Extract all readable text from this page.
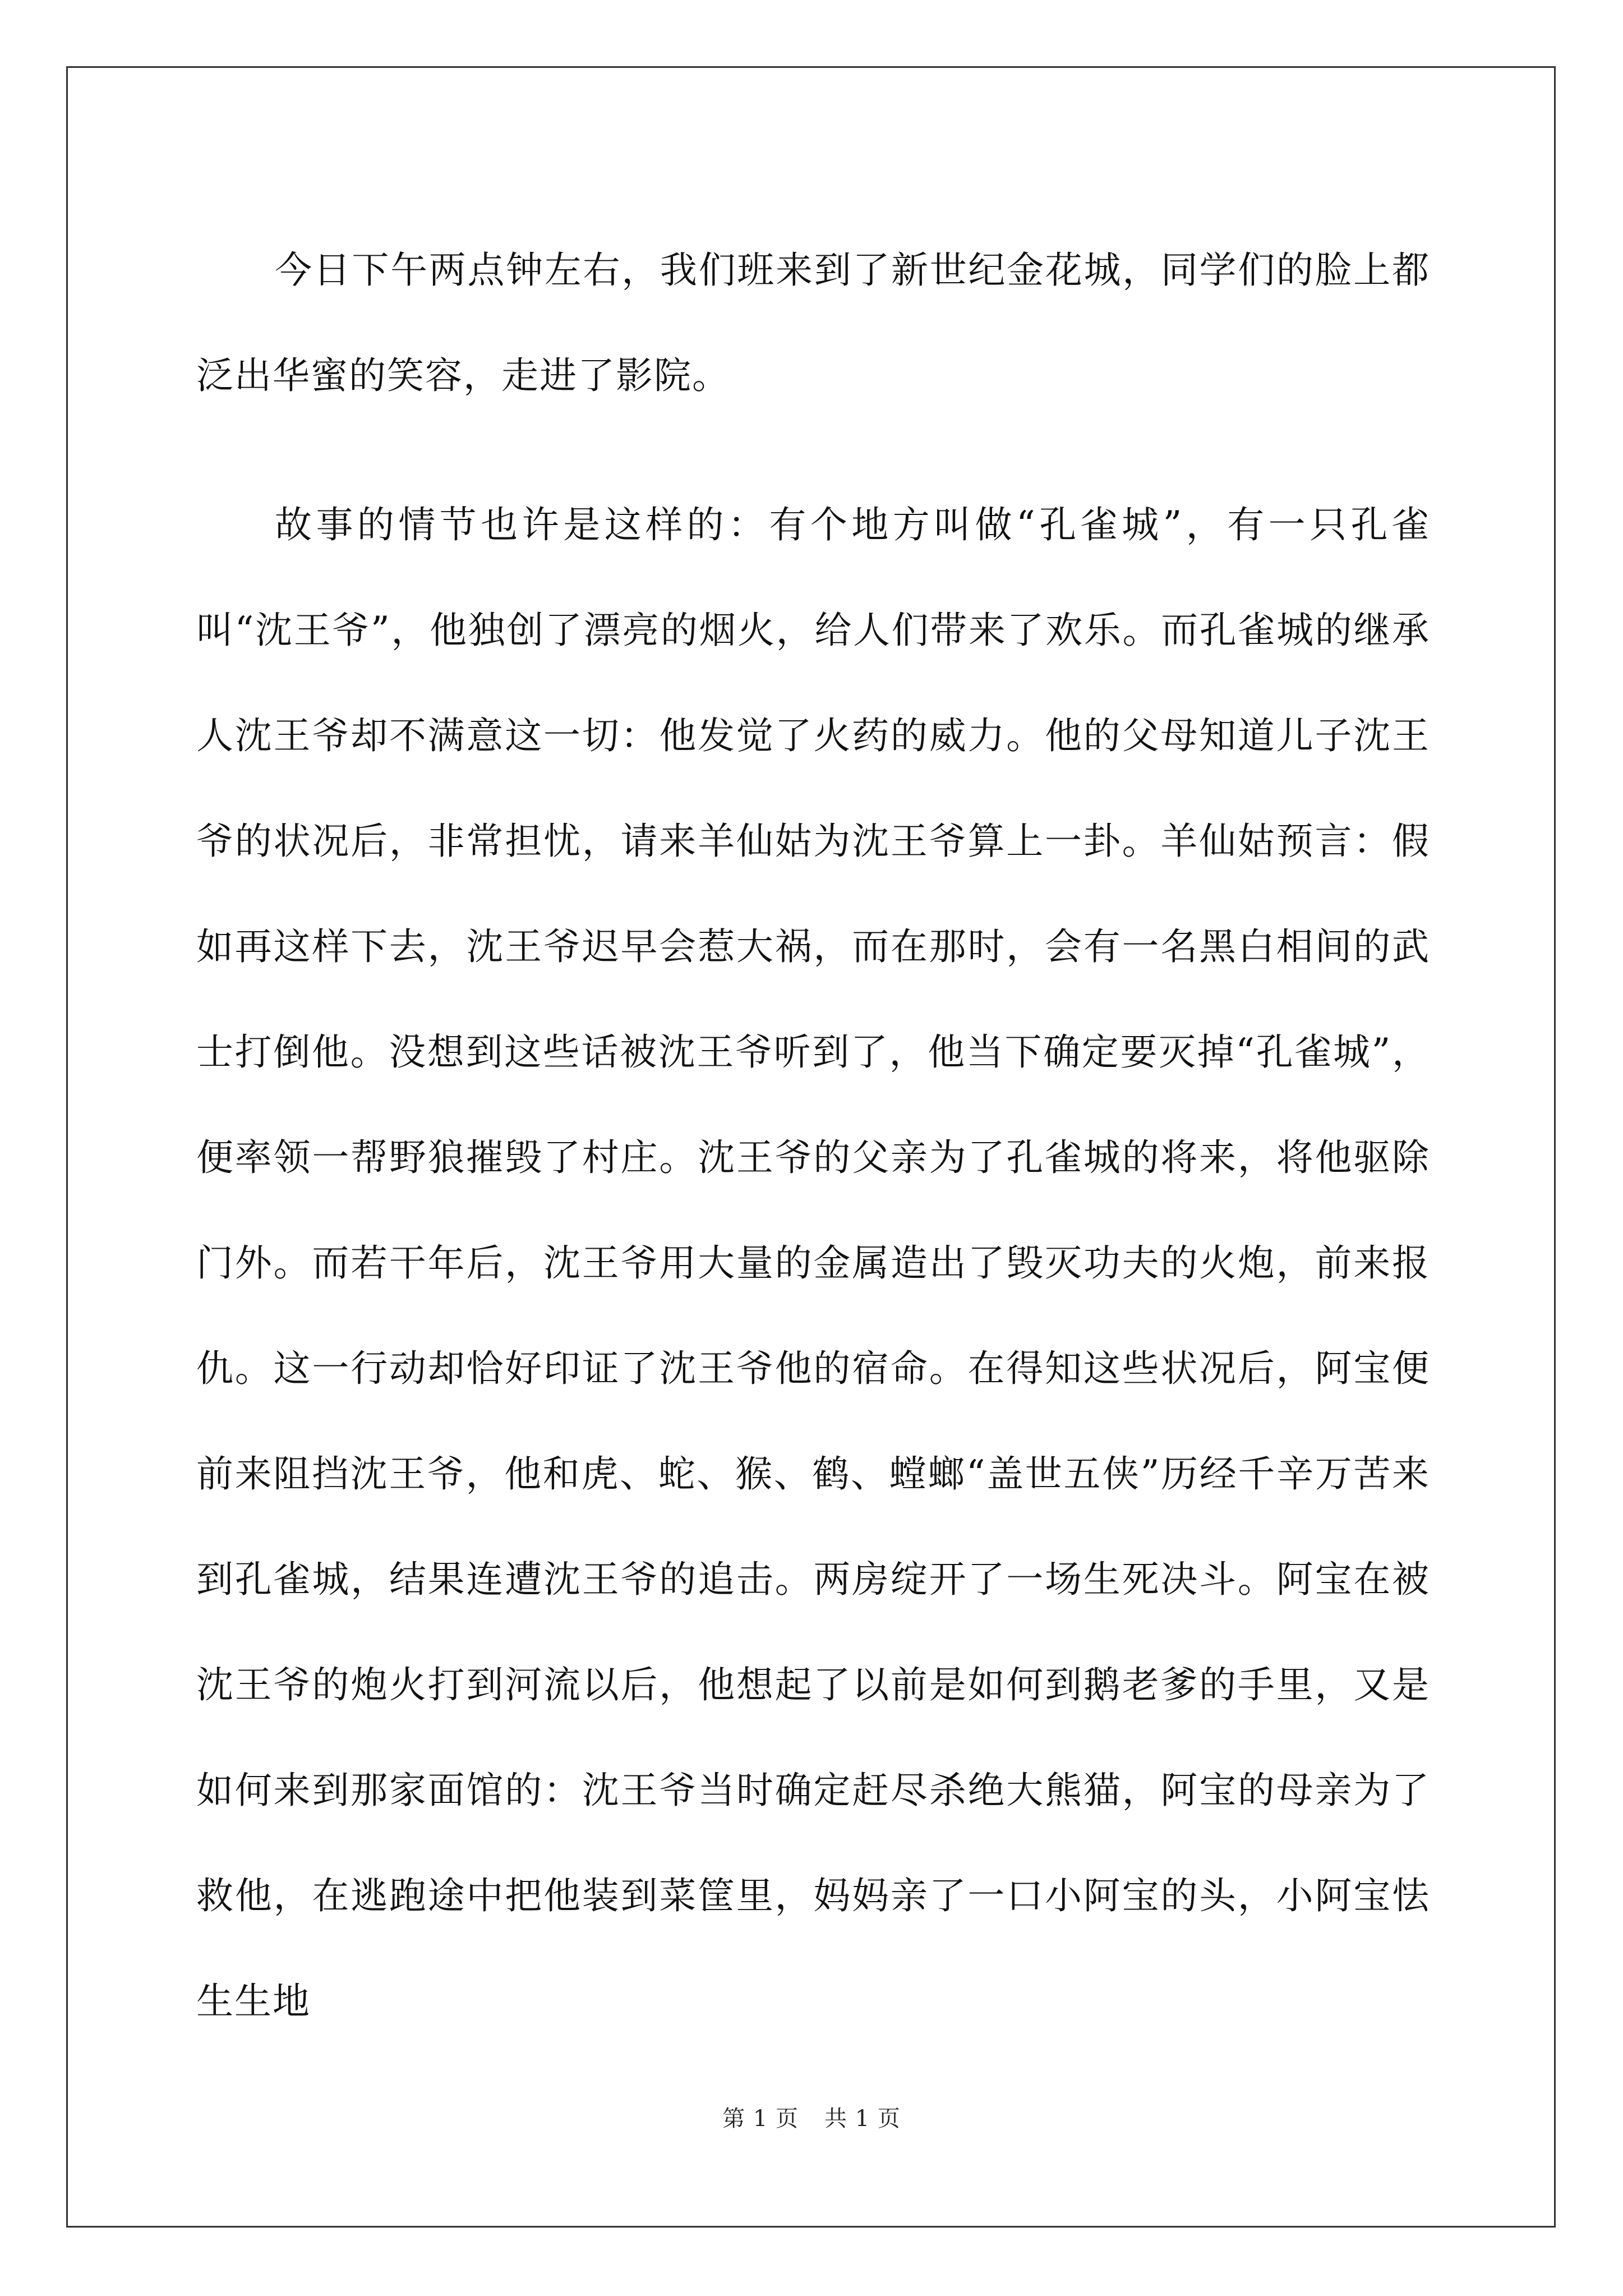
今日下午两点钟左右，我们班来到了新世纪金花城，同学们的脸上都泛出华蜜的笑容，走进了影院。

故事的情节也许是这样的：有个地方叫做“孔雀城”，有一只孔雀叫“沈王爷”，他独创了漂亮的烟火，给人们带来了欢乐。而孔雀城的继承人沈王爷却不满意这一切：他发觉了火药的威力。他的父母知道儿子沈王爷的状况后，非常担忧，请来羊仙姑为沈王爷算上一卦。羊仙姑预言：假如再这样下去，沈王爷迟早会惹大祸，而在那时，会有一名黑白相间的武士打倒他。没想到这些话被沈王爷听到了，他当下确定要灭掉“孔雀城”，便率领一帮野狼摧毁了村庄。沈王爷的父亲为了孔雀城的将来，将他驱除门外。而若干年后，沈王爷用大量的金属造出了毁灭功夫的火炮，前来报仇。这一行动却恰好印证了沈王爷他的宿命。在得知这些状况后，阿宝便前来阻挡沈王爷，他和虎、蛇、猴、鹤、螳螂“盖世五侠”历经千辛万苦来到孔雀城，结果连遭沈王爷的追击。两房绽开了一场生死决斗。阿宝在被沈王爷的炮火打到河流以后，他想起了以前是如何到鹅老爹的手里，又是如何来到那家面馆的：沈王爷当时确定赶尽杀绝大熊猫，阿宝的母亲为了救他，在逃跑途中把他装到菜筐里，妈妈亲了一口小阿宝的头，小阿宝怯生生地

第 1 页 共 1 页
